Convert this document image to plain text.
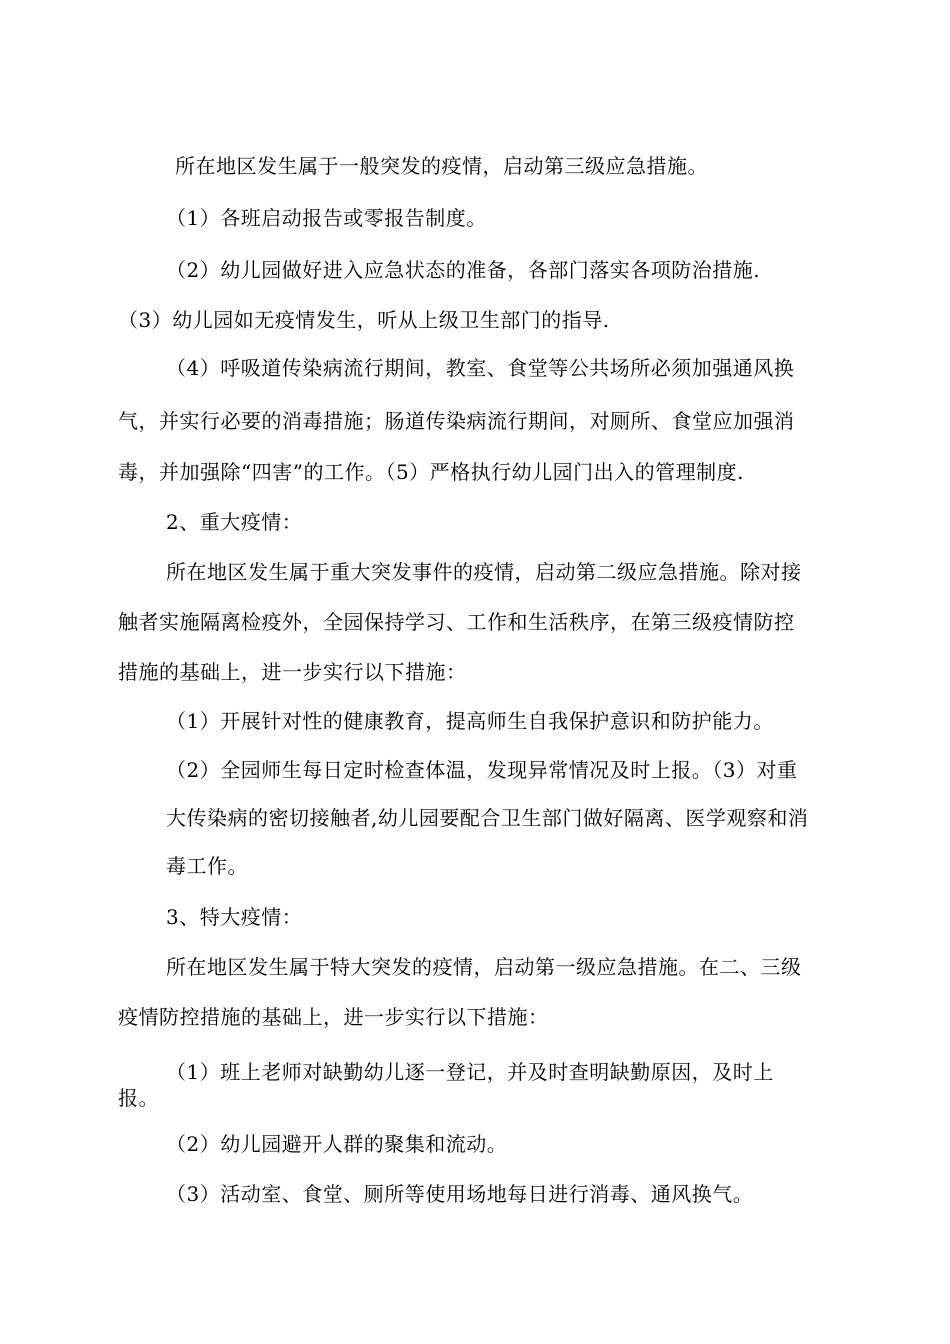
所在地区发生属于一般突发的疫情，启动第三级应急措施。
（1）各班启动报告或零报告制度。
（2）幼儿园做好进入应急状态的准备，各部门落实各项防治措施.
（3）幼儿园如无疫情发生，听从上级卫生部门的指导.
（4）呼吸道传染病流行期间，教室、食堂等公共场所必须加强通风换
气，并实行必要的消毒措施；肠道传染病流行期间，对厕所、食堂应加强消
毒，并加强除“四害”的工作。（5）严格执行幼儿园门出入的管理制度.
2、重大疫情：
所在地区发生属于重大突发事件的疫情，启动第二级应急措施。除对接
触者实施隔离检疫外，全园保持学习、工作和生活秩序，在第三级疫情防控
措施的基础上，进一步实行以下措施：
（1）开展针对性的健康教育，提高师生自我保护意识和防护能力。
（2）全园师生每日定时检查体温，发现异常情况及时上报。（3）对重
大传染病的密切接触者,幼儿园要配合卫生部门做好隔离、医学观察和消
毒工作。
3、特大疫情：
所在地区发生属于特大突发的疫情，启动第一级应急措施。在二、三级
疫情防控措施的基础上，进一步实行以下措施：
（1）班上老师对缺勤幼儿逐一登记，并及时查明缺勤原因，及时上
报。
（2）幼儿园避开人群的聚集和流动。
（3）活动室、食堂、厕所等使用场地每日进行消毒、通风换气。
